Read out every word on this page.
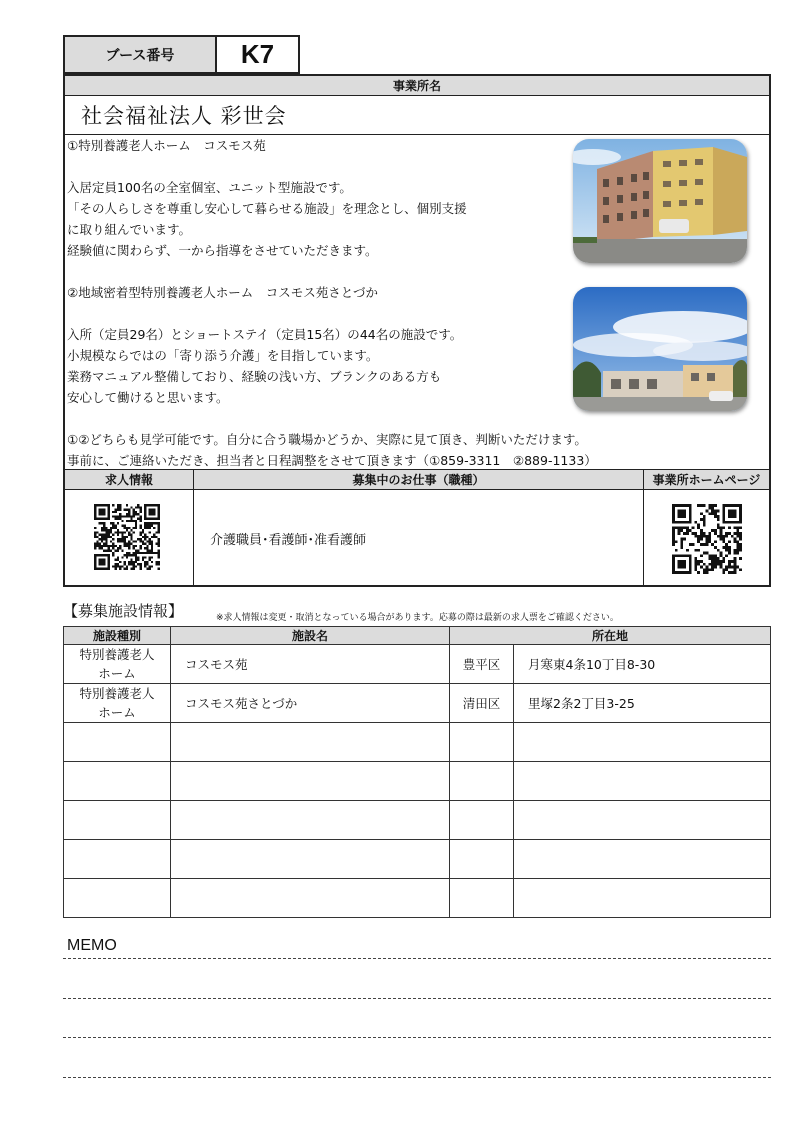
ブース番号	K7
事業所名
社会福祉法人 彩世会
①特別養護老人ホーム　コスモス苑
入居定員100名の全室個室、ユニット型施設です。
「その人らしさを尊重し安心して暮らせる施設」を理念とし、個別支援
に取り組んでいます。
経験値に関わらず、一から指導をさせていただきます。
②地域密着型特別養護老人ホーム　コスモス苑さとづか
入所（定員29名）とショートステイ（定員15名）の44名の施設です。
小規模ならではの「寄り添う介護」を目指しています。
業務マニュアル整備しており、経験の浅い方、ブランクのある方も
安心して働けると思います。
①②どちらも見学可能です。自分に合う職場かどうか、実際に見て頂き、判断いただけます。
事前に、ご連絡いただき、担当者と日程調整をさせて頂きます（①859-3311　②889-1133）
求人情報	募集中のお仕事（職種）	事業所ホームページ
介護職員･看護師･准看護師
【募集施設情報】	※求人情報は変更・取消となっている場合があります。応募の際は最新の求人票をご確認ください。
施設種別	施設名	所在地	
特別養護老人
ホーム	コスモス苑	豊平区	月寒東4条10丁目8-30
特別養護老人
ホーム	コスモス苑さとづか	清田区	里塚2条2丁目3-25

MEMO
